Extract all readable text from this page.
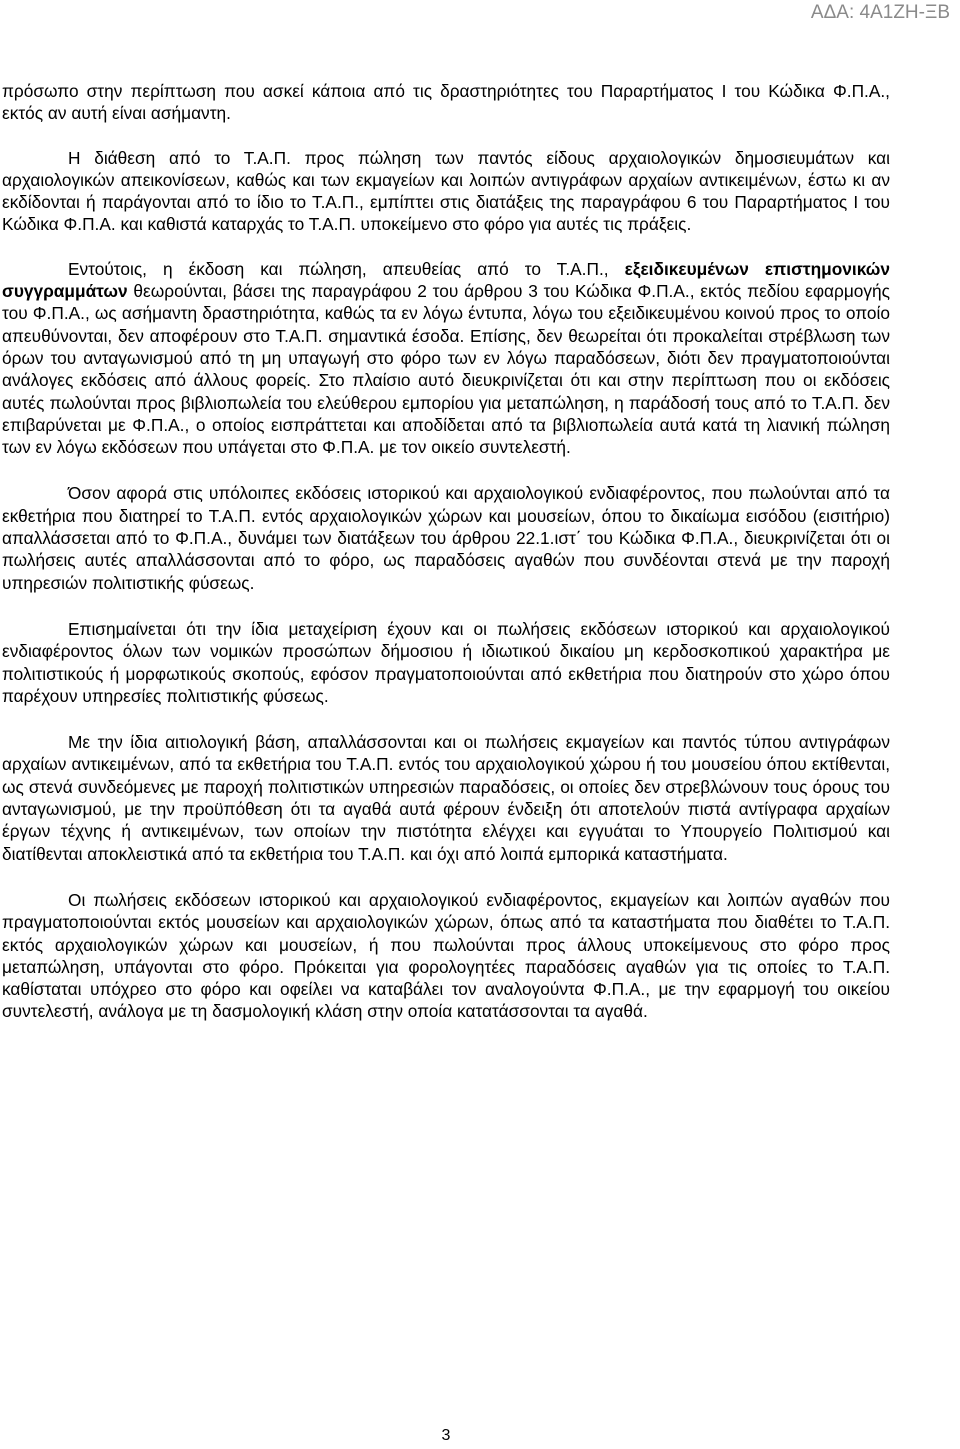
ΑΔΑ: 4Α1ΖΗ-ΞΒ

πρόσωπο στην περίπτωση που ασκεί κάποια από τις δραστηριότητες του Παραρτήματος Ι του Κώδικα Φ.Π.Α., εκτός αν αυτή είναι ασήμαντη.

Η διάθεση από το Τ.Α.Π. προς πώληση των παντός είδους αρχαιολογικών δημοσιευμάτων και αρχαιολογικών απεικονίσεων, καθώς και των εκμαγείων και λοιπών αντιγράφων αρχαίων αντικειμένων, έστω κι αν εκδίδονται ή παράγονται από το ίδιο το Τ.Α.Π., εμπίπτει στις διατάξεις της παραγράφου 6 του Παραρτήματος Ι του Κώδικα Φ.Π.Α. και καθιστά καταρχάς το Τ.Α.Π. υποκείμενο στο φόρο για αυτές τις πράξεις.

Εντούτοις, η έκδοση και πώληση, απευθείας από το Τ.Α.Π., εξειδικευμένων επιστημονικών συγγραμμάτων θεωρούνται, βάσει της παραγράφου 2 του άρθρου 3 του Κώδικα Φ.Π.Α., εκτός πεδίου εφαρμογής του Φ.Π.Α., ως ασήμαντη δραστηριότητα, καθώς τα εν λόγω έντυπα, λόγω του εξειδικευμένου κοινού προς το οποίο απευθύνονται, δεν αποφέρουν στο Τ.Α.Π. σημαντικά έσοδα. Επίσης, δεν θεωρείται ότι προκαλείται στρέβλωση των όρων του ανταγωνισμού από τη μη υπαγωγή στο φόρο των εν λόγω παραδόσεων, διότι δεν πραγματοποιούνται ανάλογες εκδόσεις από άλλους φορείς. Στο πλαίσιο αυτό διευκρινίζεται ότι και στην περίπτωση που οι εκδόσεις αυτές πωλούνται προς βιβλιοπωλεία του ελεύθερου εμπορίου για μεταπώληση, η παράδοσή τους από το Τ.Α.Π. δεν επιβαρύνεται με Φ.Π.Α., ο οποίος εισπράττεται και αποδίδεται από τα βιβλιοπωλεία αυτά κατά τη λιανική πώληση των εν λόγω εκδόσεων που υπάγεται στο Φ.Π.Α. με τον οικείο συντελεστή.

Όσον αφορά στις υπόλοιπες εκδόσεις ιστορικού και αρχαιολογικού ενδιαφέροντος, που πωλούνται από τα εκθετήρια που διατηρεί το Τ.Α.Π. εντός αρχαιολογικών χώρων και μουσείων, όπου το δικαίωμα εισόδου (εισιτήριο) απαλλάσσεται από το Φ.Π.Α., δυνάμει των διατάξεων του άρθρου 22.1.ιστ΄ του Κώδικα Φ.Π.Α., διευκρινίζεται ότι οι πωλήσεις αυτές απαλλάσσονται από το φόρο, ως παραδόσεις αγαθών που συνδέονται στενά με την παροχή υπηρεσιών πολιτιστικής φύσεως.

Επισημαίνεται ότι την ίδια μεταχείριση έχουν και οι πωλήσεις εκδόσεων ιστορικού και αρχαιολογικού ενδιαφέροντος όλων των νομικών προσώπων δήμοσιου ή ιδιωτικού δικαίου μη κερδοσκοπικού χαρακτήρα με πολιτιστικούς ή μορφωτικούς σκοπούς, εφόσον πραγματοποιούνται από εκθετήρια που διατηρούν στο χώρο όπου παρέχουν υπηρεσίες πολιτιστικής φύσεως.

Με την ίδια αιτιολογική βάση, απαλλάσσονται και οι πωλήσεις εκμαγείων και παντός τύπου αντιγράφων αρχαίων αντικειμένων, από τα εκθετήρια του Τ.Α.Π. εντός του αρχαιολογικού χώρου ή του μουσείου όπου εκτίθενται, ως στενά συνδεόμενες με παροχή πολιτιστικών υπηρεσιών παραδόσεις, οι οποίες δεν στρεβλώνουν τους όρους του ανταγωνισμού, με την προϋπόθεση ότι τα αγαθά αυτά φέρουν ένδειξη ότι αποτελούν πιστά αντίγραφα αρχαίων έργων τέχνης ή αντικειμένων, των οποίων την πιστότητα ελέγχει και εγγυάται το Υπουργείο Πολιτισμού και διατίθενται αποκλειστικά από τα εκθετήρια του Τ.Α.Π. και όχι από λοιπά εμπορικά καταστήματα.

Οι πωλήσεις εκδόσεων ιστορικού και αρχαιολογικού ενδιαφέροντος, εκμαγείων και λοιπών αγαθών που πραγματοποιούνται εκτός μουσείων και αρχαιολογικών χώρων, όπως από τα καταστήματα που διαθέτει το Τ.Α.Π. εκτός αρχαιολογικών χώρων και μουσείων, ή που πωλούνται προς άλλους υποκείμενους στο φόρο προς μεταπώληση, υπάγονται στο φόρο. Πρόκειται για φορολογητέες παραδόσεις αγαθών για τις οποίες το Τ.Α.Π. καθίσταται υπόχρεο στο φόρο και οφείλει να καταβάλει τον αναλογούντα Φ.Π.Α., με την εφαρμογή του οικείου συντελεστή, ανάλογα με τη δασμολογική κλάση στην οποία κατατάσσονται τα αγαθά.

3
